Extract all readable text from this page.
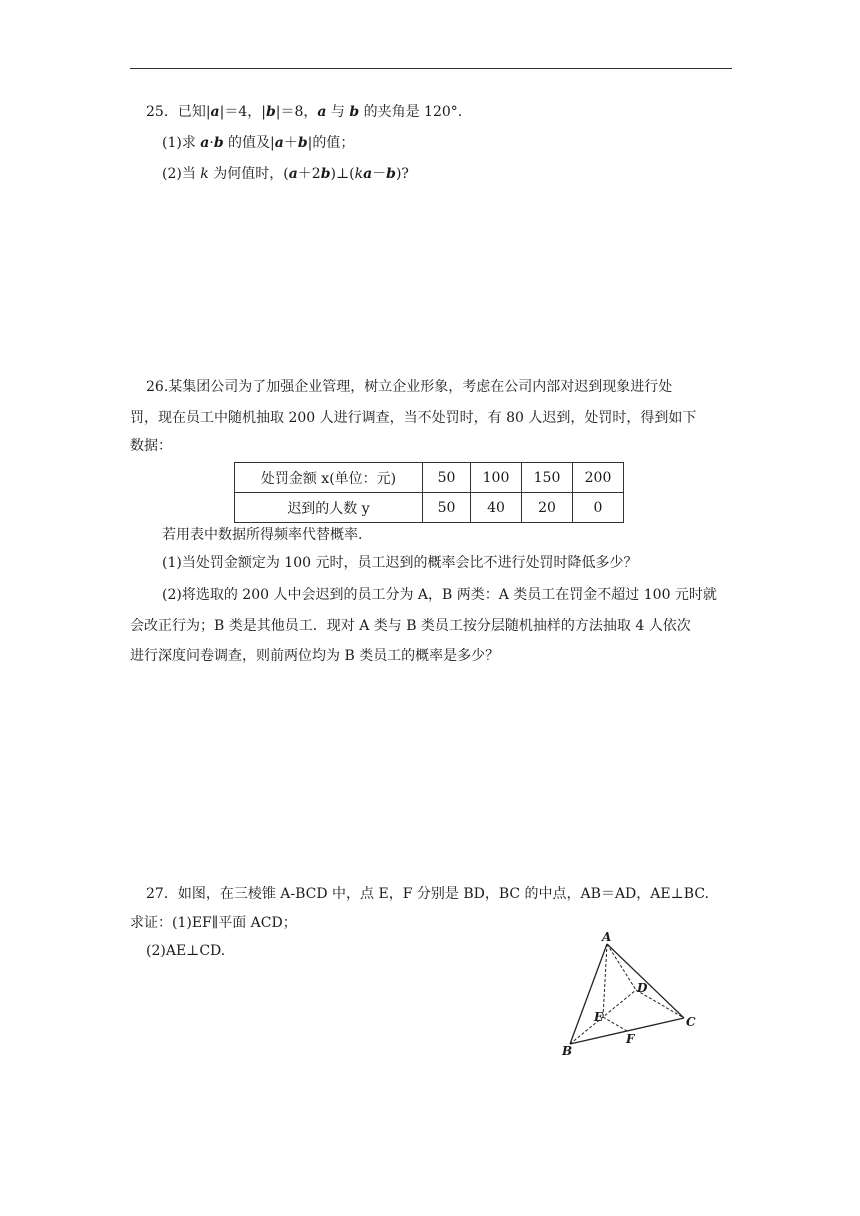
25．已知|a|＝4，|b|＝8，a 与 b 的夹角是 120°.
(1)求 a·b 的值及|a＋b|的值；
(2)当 k 为何值时，(a＋2b)⊥(ka－b)?
26.某集团公司为了加强企业管理，树立企业形象，考虑在公司内部对迟到现象进行处
罚，现在员工中随机抽取 200 人进行调查，当不处罚时，有 80 人迟到，处罚时，得到如下
数据：
处罚金额 x(单位：元)	50	100	150	200
迟到的人数 y	50	40	20	0
若用表中数据所得频率代替概率.
(1)当处罚金额定为 100 元时，员工迟到的概率会比不进行处罚时降低多少？
(2)将选取的 200 人中会迟到的员工分为 A，B 两类：A 类员工在罚金不超过 100 元时就
会改正行为；B 类是其他员工．现对 A 类与 B 类员工按分层随机抽样的方法抽取 4 人依次
进行深度问卷调查，则前两位均为 B 类员工的概率是多少？
27．如图，在三棱锥 A-BCD 中，点 E，F 分别是 BD，BC 的中点，AB＝AD，AE⊥BC.
求证：(1)EF∥平面 ACD；
(2)AE⊥CD.
A
B
C
D
E
F
